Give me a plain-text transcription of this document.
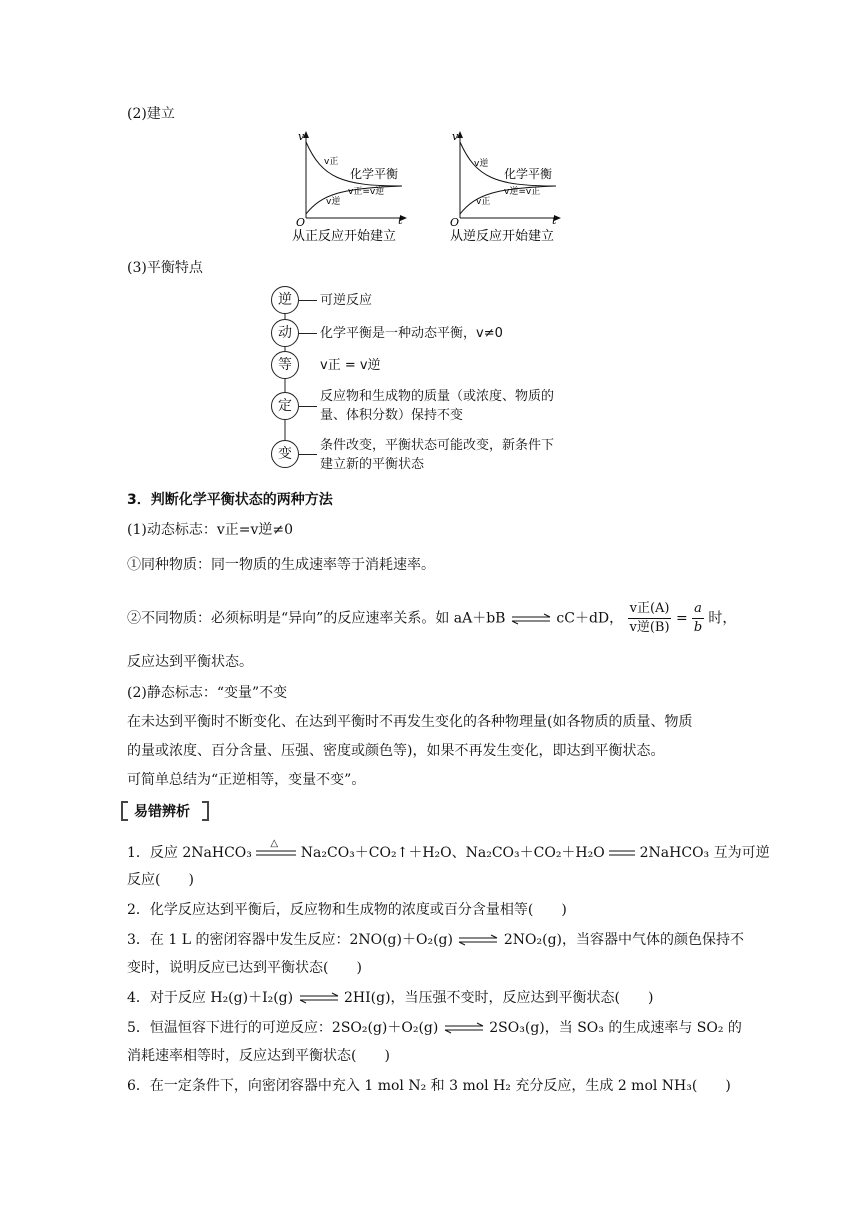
(2)建立
v
t
O
v正
v逆
化学平衡
v正=v逆
从正反应开始建立
v
t
O
v逆
v正
化学平衡
v逆=v正
从逆反应开始建立
(3)平衡特点
逆
动
等
定
变
可逆反应
化学平衡是一种动态平衡，v≠0
v正 = v逆
反应物和生成物的质量（或浓度、物质的
量、体积分数）保持不变
条件改变，平衡状态可能改变，新条件下
建立新的平衡状态
3．判断化学平衡状态的两种方法
(1)动态标志：v正=v逆≠0
①同种物质：同一物质的生成速率等于消耗速率。
②不同物质：必须标明是“异向”的反应速率关系。如 aA＋bB ⇌ cC＋dD， $\frac{\text{v正(A)}}{\text{v逆(B)}} = \frac{a}{b}$ 时，
反应达到平衡状态。
(2)静态标志：“变量”不变
在未达到平衡时不断变化、在达到平衡时不再发生变化的各种物理量(如各物质的质量、物质
的量或浓度、百分含量、压强、密度或颜色等)，如果不再发生变化，即达到平衡状态。
可简单总结为“正逆相等，变量不变”。
易错辨析
1．反应 2NaHCO₃
△
Na₂CO₃＋CO₂↑＋H₂O、Na₂CO₃＋CO₂＋H₂O 2NaHCO₃ 互为可逆
反应(　　)
2．化学反应达到平衡后，反应物和生成物的浓度或百分含量相等(　　)
3．在 1 L 的密闭容器中发生反应：2NO(g)＋O₂(g) ⇌ 2NO₂(g)，当容器中气体的颜色保持不
变时，说明反应已达到平衡状态(　　)
4．对于反应 H₂(g)＋I₂(g) ⇌ 2HI(g)，当压强不变时，反应达到平衡状态(　　)
5．恒温恒容下进行的可逆反应：2SO₂(g)＋O₂(g) ⇌ 2SO₃(g)，当 SO₃ 的生成速率与 SO₂ 的
消耗速率相等时，反应达到平衡状态(　　)
6．在一定条件下，向密闭容器中充入 1 mol N₂ 和 3 mol H₂ 充分反应，生成 2 mol NH₃(　　)
